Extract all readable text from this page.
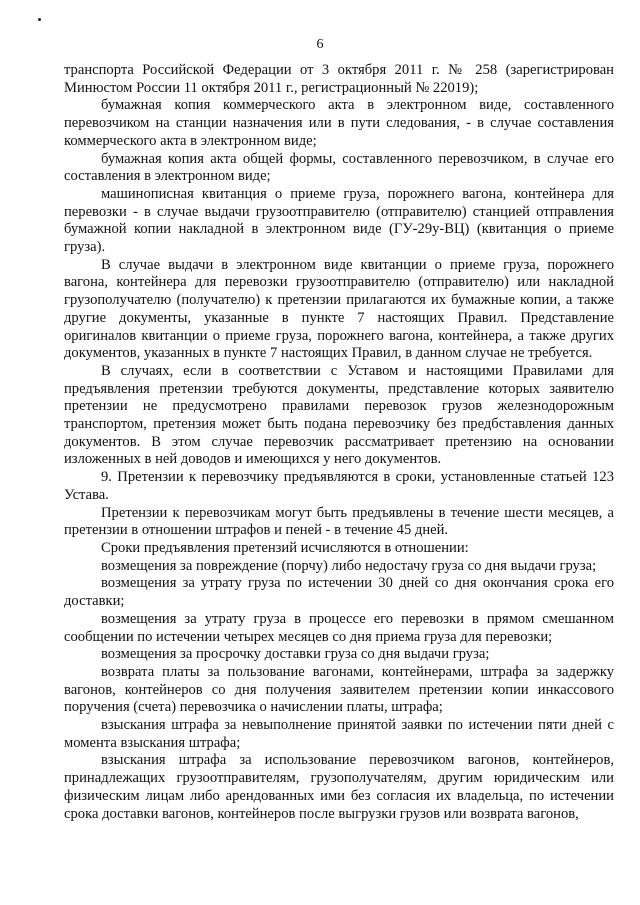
6

транспорта Российской Федерации от 3 октября 2011 г. № 258 (зарегистрирован Минюстом России 11 октября 2011 г., регистрационный № 22019);

бумажная копия коммерческого акта в электронном виде, составленного перевозчиком на станции назначения или в пути следования, - в случае составления коммерческого акта в электронном виде;

бумажная копия акта общей формы, составленного перевозчиком, в случае его составления в электронном виде;

машинописная квитанция о приеме груза, порожнего вагона, контейнера для перевозки - в случае выдачи грузоотправителю (отправителю) станцией отправления бумажной копии накладной в электронном виде (ГУ-29у-ВЦ) (квитанция о приеме груза).

В случае выдачи в электронном виде квитанции о приеме груза, порожнего вагона, контейнера для перевозки грузоотправителю (отправителю) или накладной грузополучателю (получателю) к претензии прилагаются их бумажные копии, а также другие документы, указанные в пункте 7 настоящих Правил. Представление оригиналов квитанции о приеме груза, порожнего вагона, контейнера, а также других документов, указанных в пункте 7 настоящих Правил, в данном случае не требуется.

В случаях, если в соответствии с Уставом и настоящими Правилами для предъявления претензии требуются документы, представление которых заявителю претензии не предусмотрено правилами перевозок грузов железнодорожным транспортом, претензия может быть подана перевозчику без предбставления данных документов. В этом случае перевозчик рассматривает претензию на основании изложенных в ней доводов и имеющихся у него документов.

9. Претензии к перевозчику предъявляются в сроки, установленные статьей 123 Устава.

Претензии к перевозчикам могут быть предъявлены в течение шести месяцев, а претензии в отношении штрафов и пеней - в течение 45 дней.

Сроки предъявления претензий исчисляются в отношении:

возмещения за повреждение (порчу) либо недостачу груза со дня выдачи груза;

возмещения за утрату груза по истечении 30 дней со дня окончания срока его доставки;

возмещения за утрату груза в процессе его перевозки в прямом смешанном сообщении по истечении четырех месяцев со дня приема груза для перевозки;

возмещения за просрочку доставки груза со дня выдачи груза;

возврата платы за пользование вагонами, контейнерами, штрафа за задержку вагонов, контейнеров со дня получения заявителем претензии копии инкассового поручения (счета) перевозчика о начислении платы, штрафа;

взыскания штрафа за невыполнение принятой заявки по истечении пяти дней с момента взыскания штрафа;

взыскания штрафа за использование перевозчиком вагонов, контейнеров, принадлежащих грузоотправителям, грузополучателям, другим юридическим или физическим лицам либо арендованных ими без согласия их владельца, по истечении срока доставки вагонов, контейнеров после выгрузки грузов или возврата вагонов,
